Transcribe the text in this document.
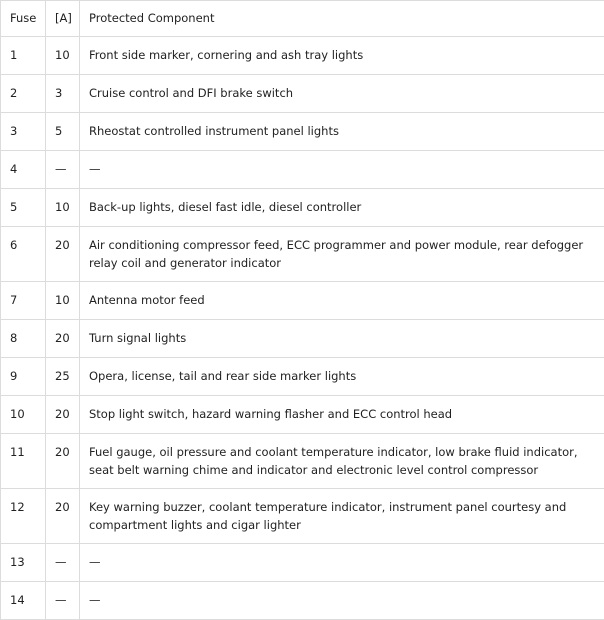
Fuse	[A]	Protected Component
1	10	Front side marker, cornering and ash tray lights
2	3	Cruise control and DFI brake switch
3	5	Rheostat controlled instrument panel lights
4	—	—
5	10	Back-up lights, diesel fast idle, diesel controller
6	20	Air conditioning compressor feed, ECC programmer and power module, rear defogger relay coil and generator indicator
7	10	Antenna motor feed
8	20	Turn signal lights
9	25	Opera, license, tail and rear side marker lights
10	20	Stop light switch, hazard warning flasher and ECC control head
11	20	Fuel gauge, oil pressure and coolant temperature indicator, low brake fluid indicator, seat belt warning chime and indicator and electronic level control compressor
12	20	Key warning buzzer, coolant temperature indicator, instrument panel courtesy and compartment lights and cigar lighter
13	—	—
14	—	—
